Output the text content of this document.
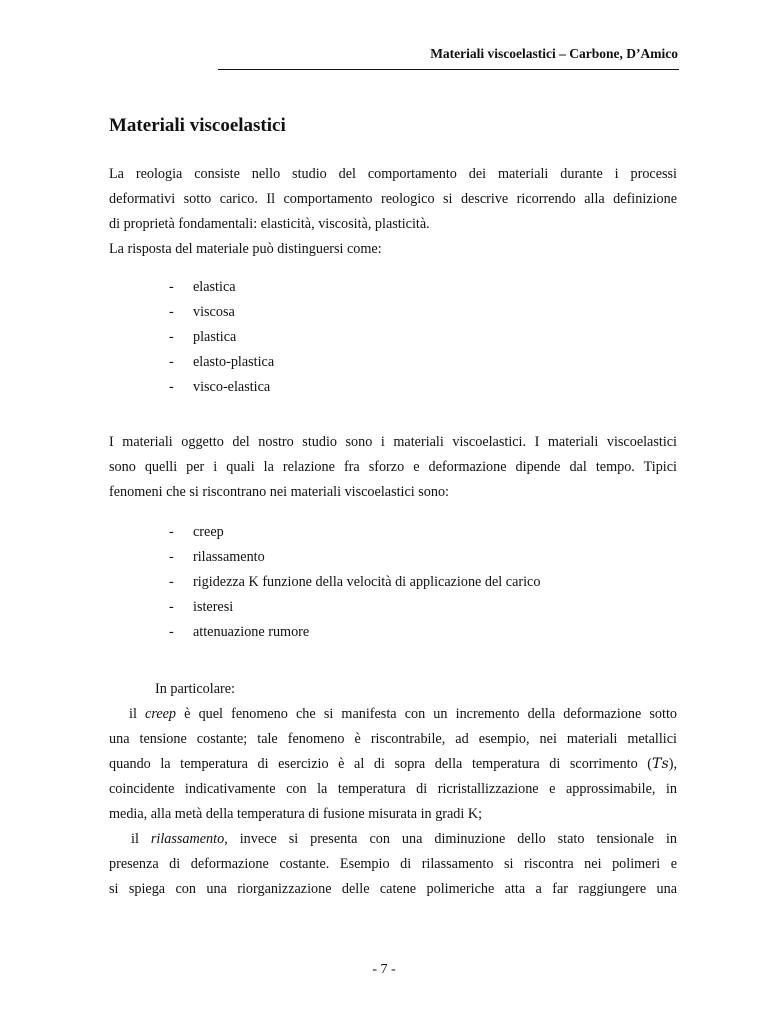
Materiali viscoelastici – Carbone, D’Amico
Materiali viscoelastici
La reologia consiste nello studio del comportamento dei materiali durante i processi
deformativi sotto carico. Il comportamento reologico si descrive ricorrendo alla definizione
di proprietà fondamentali: elasticità, viscosità, plasticità.
La risposta del materiale può distinguersi come:
- elastica
- viscosa
- plastica
- elasto-plastica
- visco-elastica
I materiali oggetto del nostro studio sono i materiali viscoelastici. I materiali viscoelastici
sono quelli per i quali la relazione fra sforzo e deformazione dipende dal tempo. Tipici
fenomeni che si riscontrano nei materiali viscoelastici sono:
- creep
- rilassamento
- rigidezza K funzione della velocità di applicazione del carico
- isteresi
- attenuazione rumore
In particolare:
il creep è quel fenomeno che si manifesta con un incremento della deformazione sotto
una tensione costante; tale fenomeno è riscontrabile, ad esempio, nei materiali metallici
quando la temperatura di esercizio è al di sopra della temperatura di scorrimento (𝑇𝑠),
coincidente indicativamente con la temperatura di ricristallizzazione e approssimabile, in
media, alla metà della temperatura di fusione misurata in gradi K;
il rilassamento, invece si presenta con una diminuzione dello stato tensionale in
presenza di deformazione costante. Esempio di rilassamento si riscontra nei polimeri e
si spiega con una riorganizzazione delle catene polimeriche atta a far raggiungere una
- 7 -
